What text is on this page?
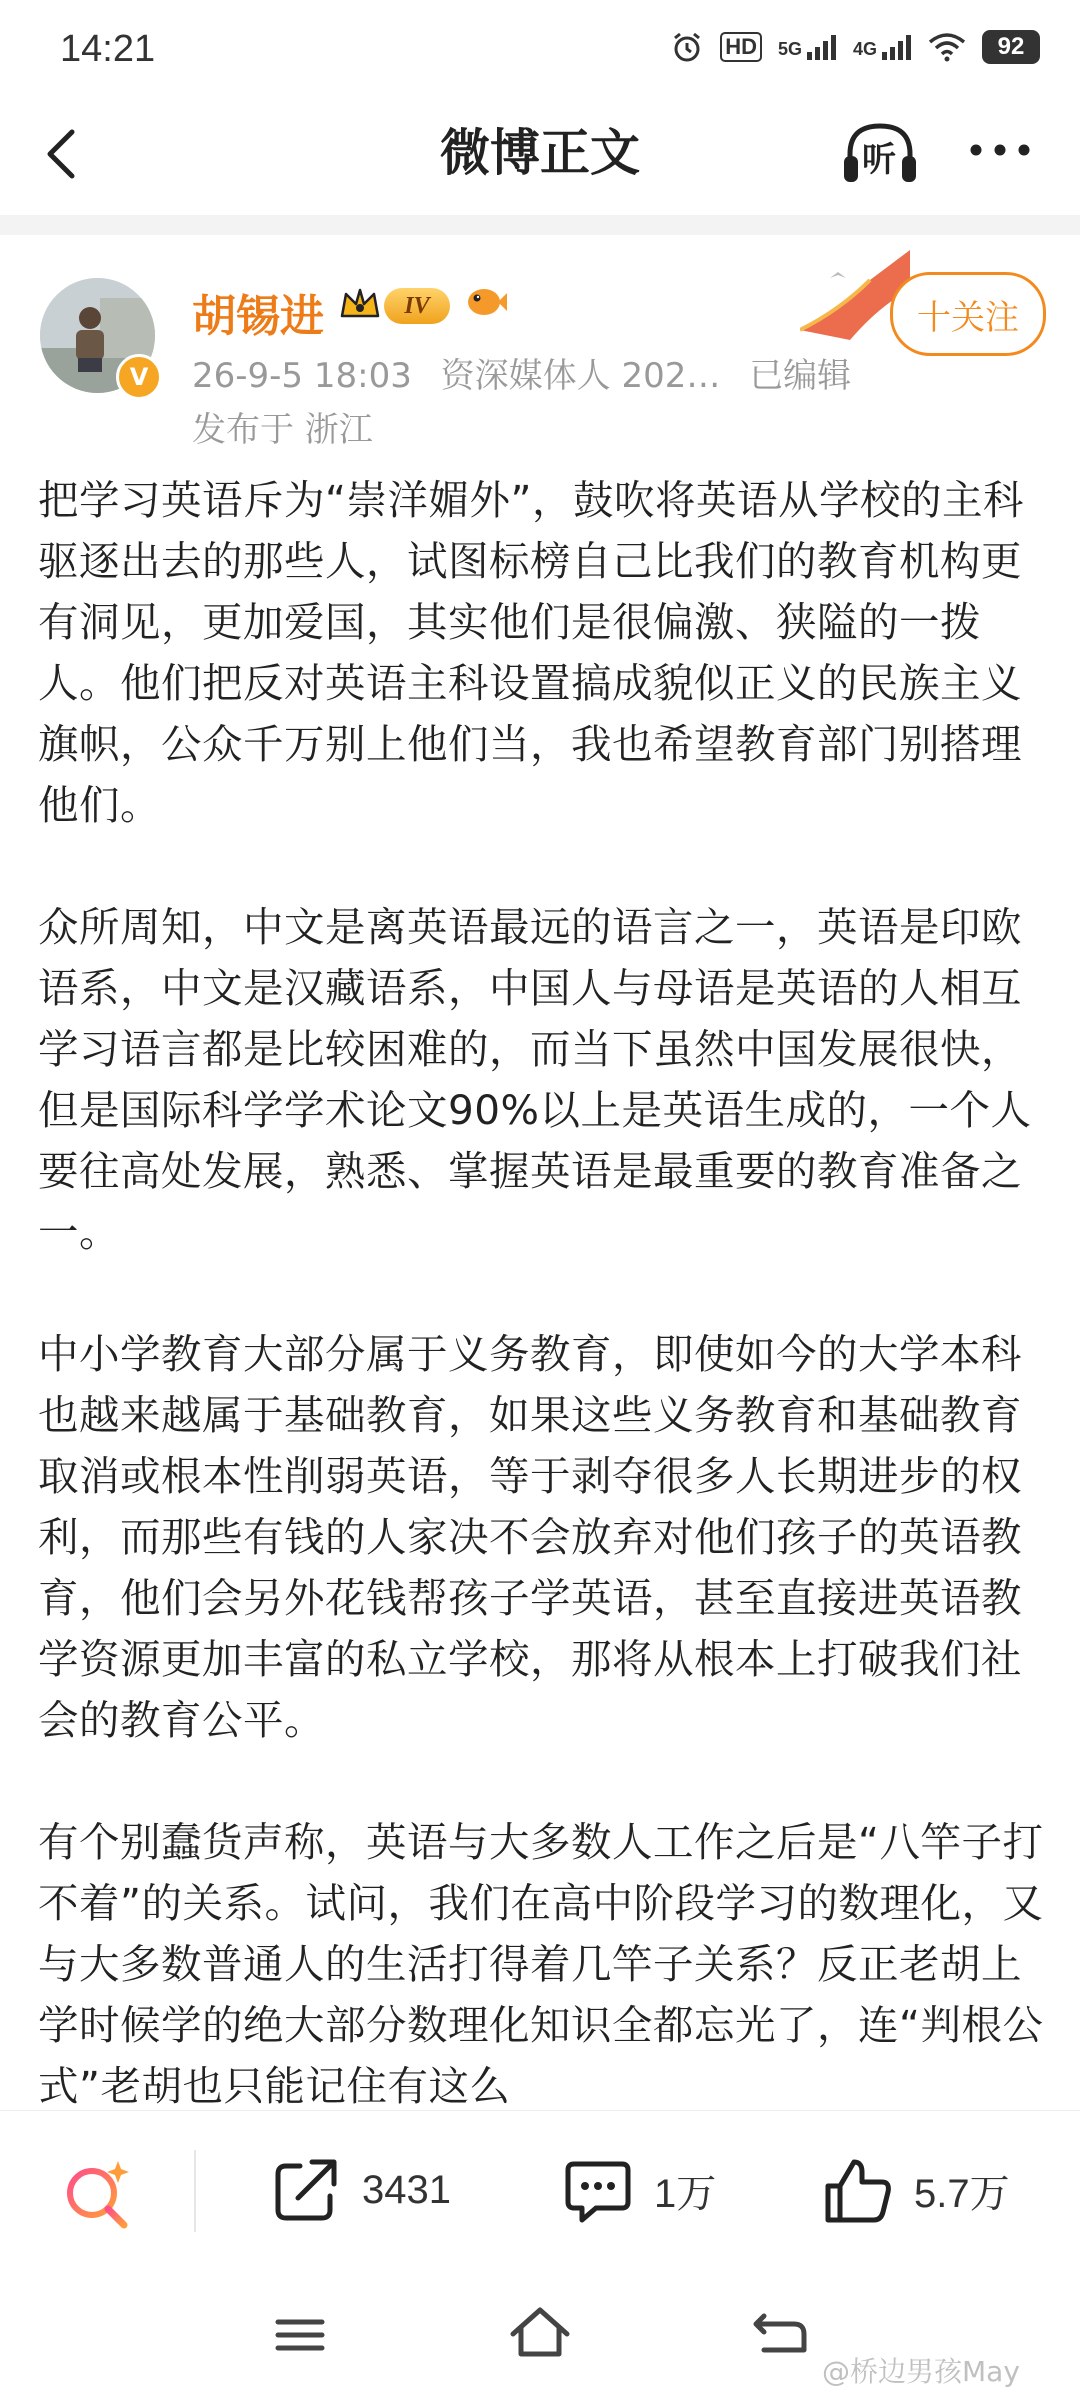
14:21	HD 5G	4G	92
微博正文	听
V
胡锡进	IV
26-9-5 18:03 资深媒体人 202… 已编辑
发布于 浙江
十关注

把学习英语斥为“崇洋媚外”，鼓吹将英语从学校的主科驱逐出去的那些人，试图标榜自己比我们的教育机构更有洞见，更加爱国，其实他们是很偏激、狭隘的一拨人。他们把反对英语主科设置搞成貌似正义的民族主义旗帜，公众千万别上他们当，我也希望教育部门别搭理他们。

众所周知，中文是离英语最远的语言之一，英语是印欧语系，中文是汉藏语系，中国人与母语是英语的人相互学习语言都是比较困难的，而当下虽然中国发展很快，但是国际科学学术论文90%以上是英语生成的，一个人要往高处发展，熟悉、掌握英语是最重要的教育准备之一。

中小学教育大部分属于义务教育，即使如今的大学本科也越来越属于基础教育，如果这些义务教育和基础教育取消或根本性削弱英语，等于剥夺很多人长期进步的权利，而那些有钱的人家决不会放弃对他们孩子的英语教育，他们会另外花钱帮孩子学英语，甚至直接进英语教学资源更加丰富的私立学校，那将从根本上打破我们社会的教育公平。

有个别蠢货声称，英语与大多数人工作之后是“八竿子打不着”的关系。试问，我们在高中阶段学习的数理化，又与大多数普通人的生活打得着几竿子关系？反正老胡上学时候学的绝大部分数理化知识全都忘光了，连“判根公式”老胡也只能记住有这么

3431	1万	5.7万
@桥边男孩May
